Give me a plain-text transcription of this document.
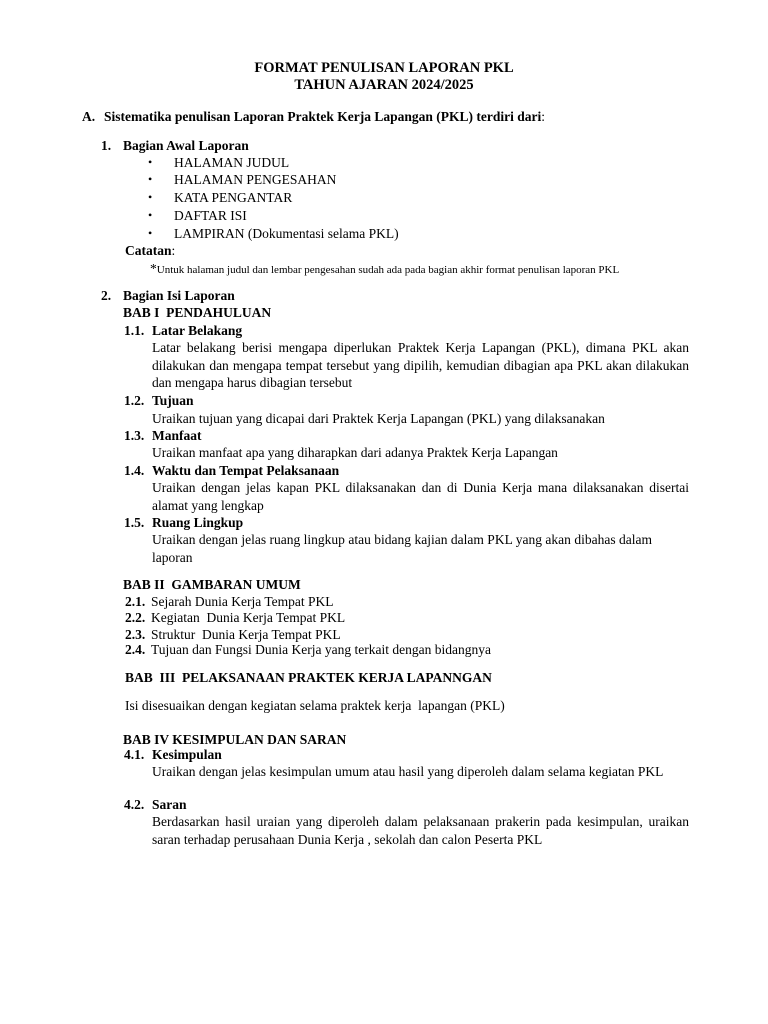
FORMAT PENULISAN LAPORAN PKL
TAHUN AJARAN 2024/2025
A. Sistematika penulisan Laporan Praktek Kerja Lapangan (PKL) terdiri dari:
1. Bagian Awal Laporan
• HALAMAN JUDUL
• HALAMAN PENGESAHAN
• KATA PENGANTAR
• DAFTAR ISI
• LAMPIRAN (Dokumentasi selama PKL)
Catatan:
*Untuk halaman judul dan lembar pengesahan sudah ada pada bagian akhir format penulisan laporan PKL
2. Bagian Isi Laporan
BAB I  PENDAHULUAN
1.1. Latar Belakang
Latar belakang berisi mengapa diperlukan Praktek Kerja Lapangan (PKL), dimana PKL akan dilakukan dan mengapa tempat tersebut yang dipilih, kemudian dibagian apa PKL akan dilakukan dan mengapa harus dibagian tersebut
1.2. Tujuan
Uraikan tujuan yang dicapai dari Praktek Kerja Lapangan (PKL) yang dilaksanakan
1.3. Manfaat
Uraikan manfaat apa yang diharapkan dari adanya Praktek Kerja Lapangan
1.4. Waktu dan Tempat Pelaksanaan
Uraikan dengan jelas kapan PKL dilaksanakan dan di Dunia Kerja mana dilaksanakan disertai alamat yang lengkap
1.5. Ruang Lingkup
Uraikan dengan jelas ruang lingkup atau bidang kajian dalam PKL yang akan dibahas dalam laporan
BAB II  GAMBARAN UMUM
2.1. Sejarah Dunia Kerja Tempat PKL
2.2. Kegiatan  Dunia Kerja Tempat PKL
2.3. Struktur  Dunia Kerja Tempat PKL
2.4. Tujuan dan Fungsi Dunia Kerja yang terkait dengan bidangnya
BAB  III  PELAKSANAAN PRAKTEK KERJA LAPANNGAN
Isi disesuaikan dengan kegiatan selama praktek kerja  lapangan (PKL)
BAB IV KESIMPULAN DAN SARAN
4.1. Kesimpulan
Uraikan dengan jelas kesimpulan umum atau hasil yang diperoleh dalam selama kegiatan PKL
4.2. Saran
Berdasarkan hasil uraian yang diperoleh dalam pelaksanaan prakerin pada kesimpulan, uraikan saran terhadap perusahaan Dunia Kerja , sekolah dan calon Peserta PKL
